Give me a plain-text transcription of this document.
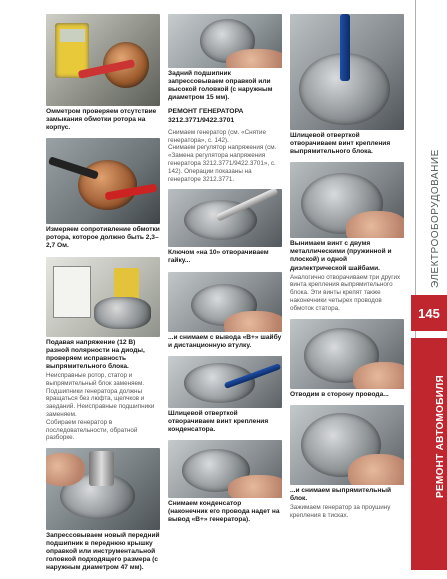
Омметром проверяем отсутствие замыкания обмотки ротора на корпус.
Измеряем сопротивление обмотки ротора, которое должно быть 2,3–2,7 Ом.
Подавая напряжение (12 В) разной полярности на диоды, проверяем исправность выпрямительного блока.
Неисправные ротор, статор и выпрямительный блок заменяем.
Подшипники генератора должны вращаться без люфта, щелчков и заеданий. Неисправные подшипники заменяем.
Собираем генератор в последовательности, обратной разборке.
Запрессовываем новый передний подшипник в переднюю крышку оправкой или инструментальной головкой подходящего размера (с наружным диаметром 47 мм).
Задний подшипник запрессовываем оправкой или высокой головкой (с наружным диаметром 15 мм).
РЕМОНТ ГЕНЕРАТОРА
3212.3771/9422.3701
Снимаем генератор (см. «Снятие генератора», с. 142).
Снимаем регулятор напряжения (см. «Замена регулятора напряжения генератора 3212.3771/9422.3701», с. 142). Операции показаны на генераторе 3212.3771.
Ключом «на 10» отворачиваем гайку...
...и снимаем с вывода «B+» шайбу и дистанционную втулку.
Шлицевой отверткой отворачиваем винт крепления конденсатора.
Снимаем конденсатор (наконечник его провода надет на вывод «B+» генератора).
Шлицевой отверткой отворачиваем винт крепления выпрямительного блока.
Вынимаем винт с двумя металлическими (пружинной и плоской) и одной диэлектрической шайбами.
Аналогично отворачиваем три других винта крепления выпрямительного блока. Эти винты крепят также наконечники четырех проводов обмоток статора.
Отводим в сторону провода...
...и снимаем выпрямительный блок.
Зажимаем генератор за проушину крепления в тисках.
ЭЛЕКТРООБОРУДОВАНИЕ
145
РЕМОНТ АВТОМОБИЛЯ
